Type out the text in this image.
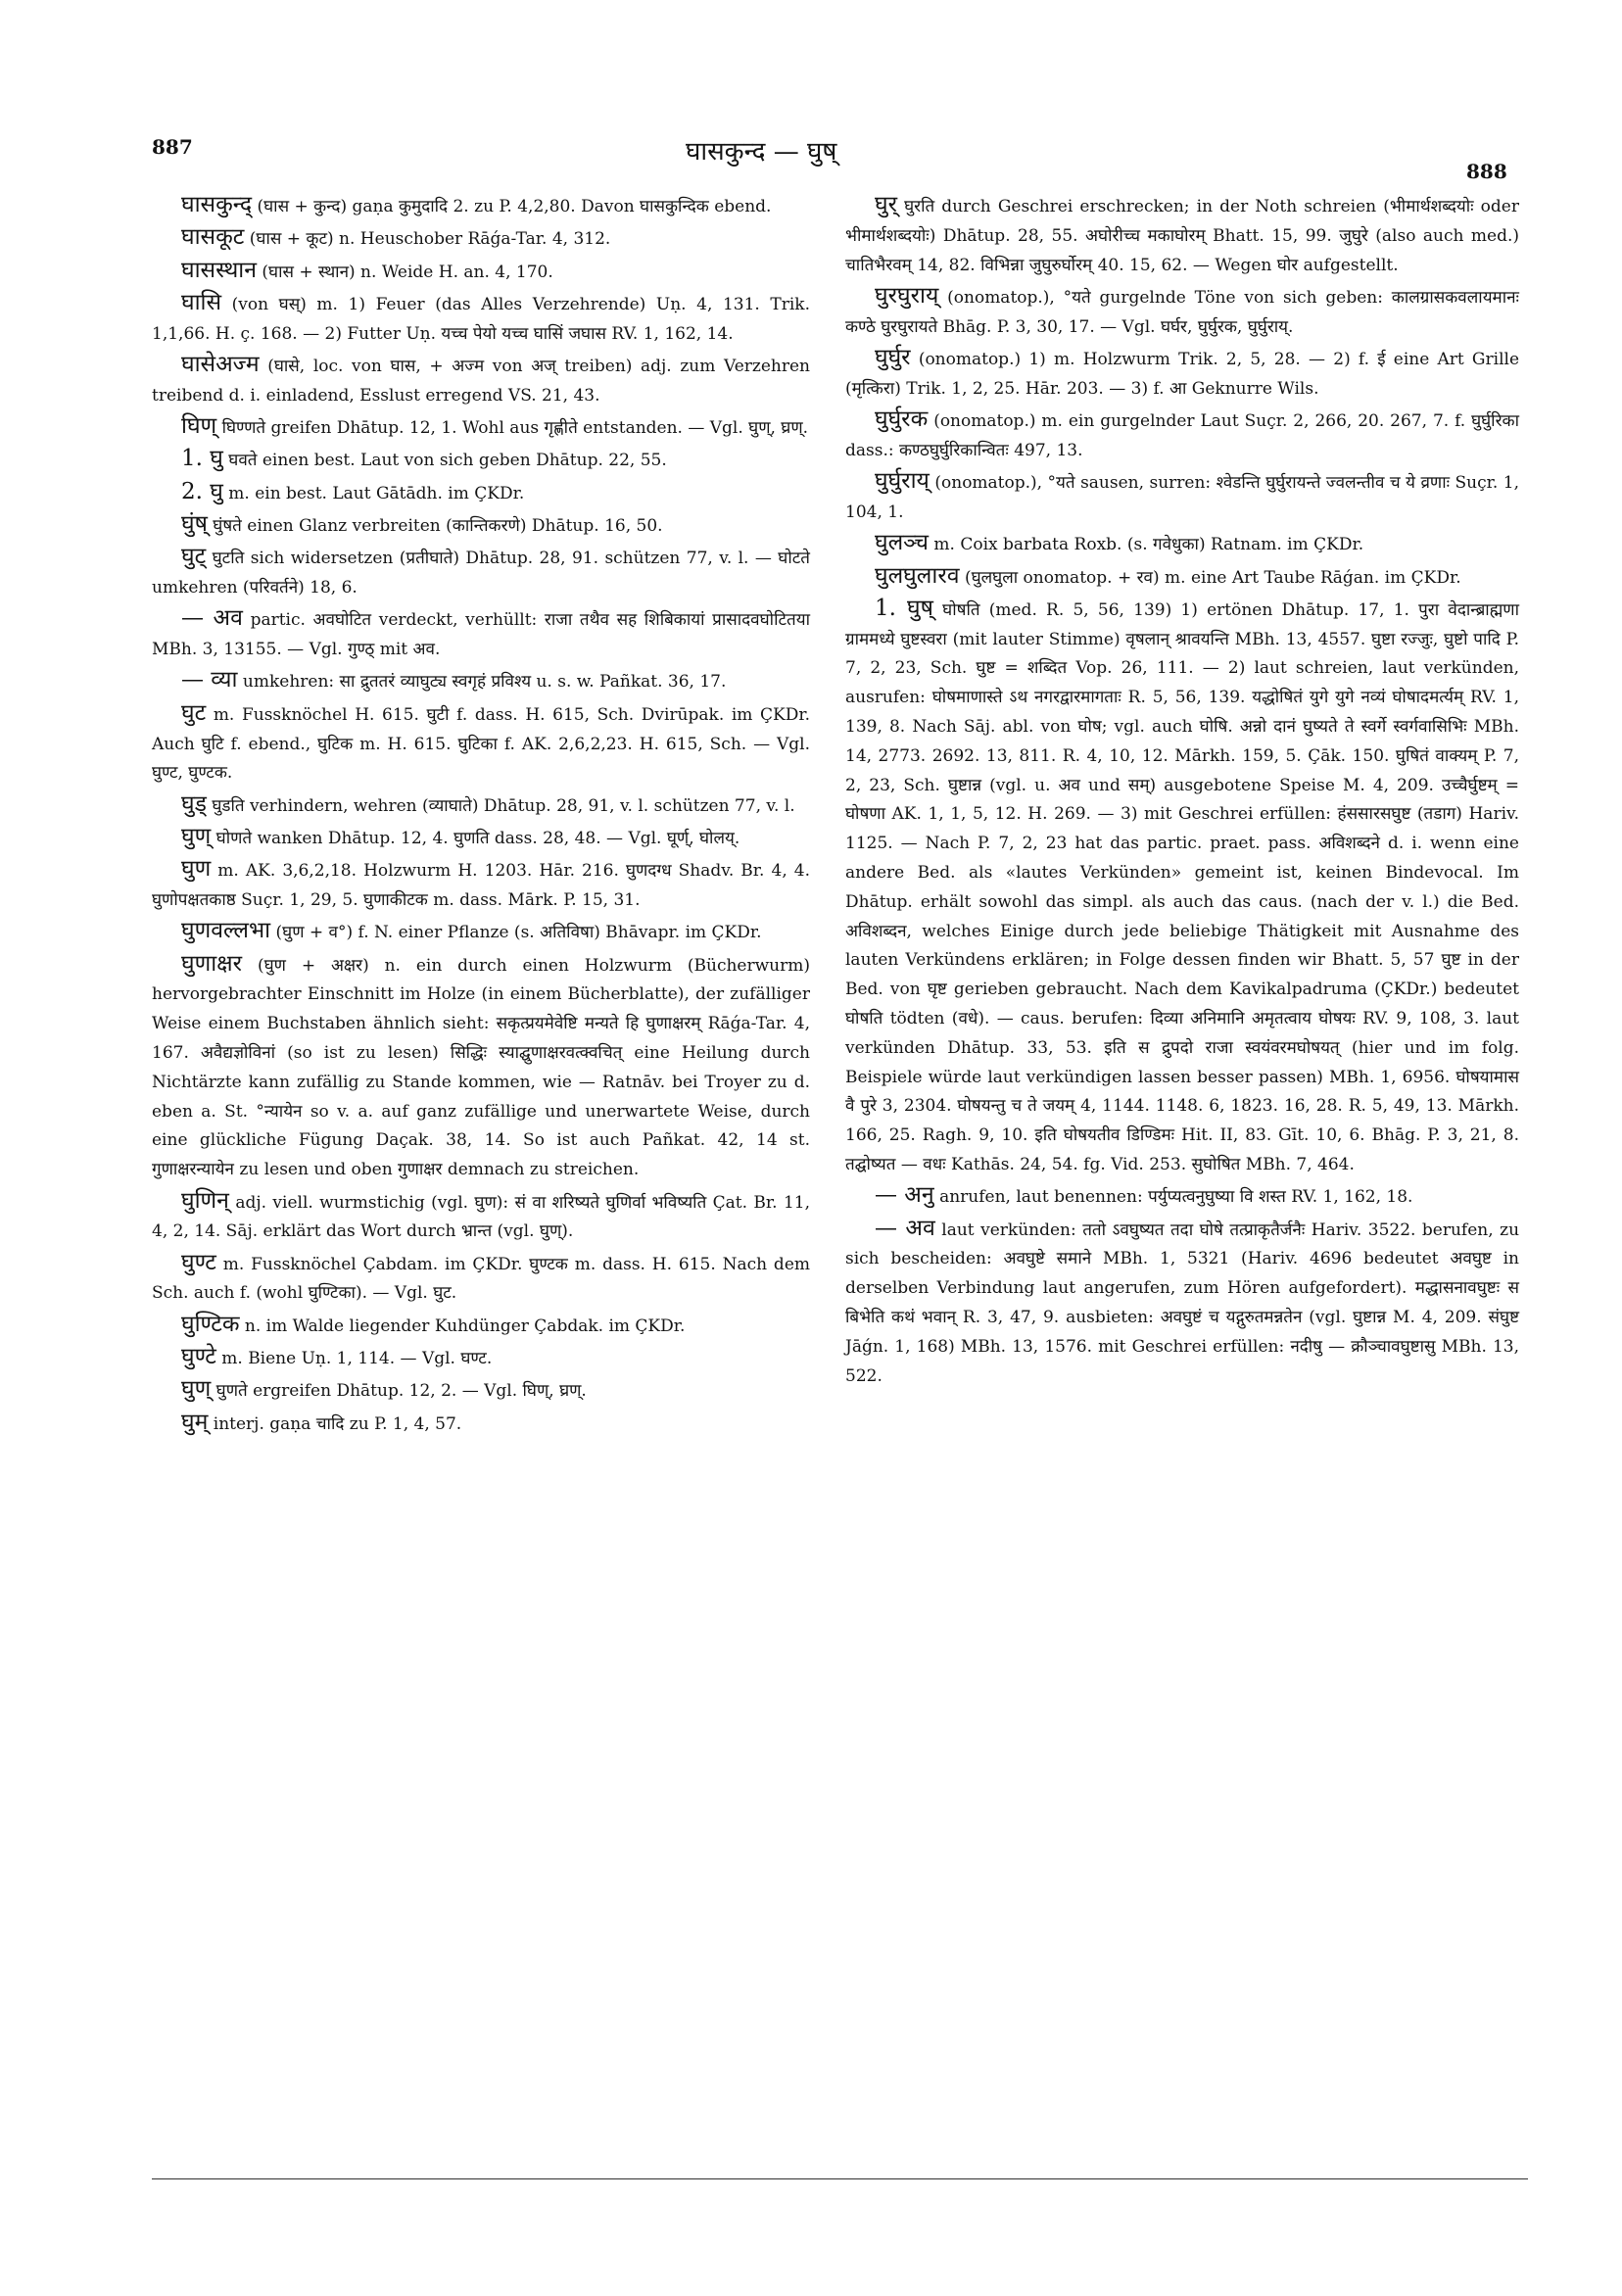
887	घासकुन्द — घुष्
888

घासकुन्द् (घास + कुन्द) gaṇa कुमुदादि 2. zu P. 4,2,80. Davon घासकुन्दिक ebend.

घासकूट (घास + कूट) n. Heuschober Rāǵa-Tar. 4, 312.

घासस्थान (घास + स्थान) n. Weide H. an. 4, 170.

घासि (von घस्) m. 1) Feuer (das Alles Verzehrende) Uṇ. 4, 131. Trik. 1,1,66. H. ç. 168. — 2) Futter Uṇ. यच्च पेयो यच्च घासिं जघास RV. 1, 162, 14.

घासेअज्म (घासे, loc. von घास, + अज्म von अज् treiben) adj. zum Verzehren treibend d. i. einladend, Esslust erregend VS. 21, 43.

घिण् घिण्णते greifen Dhātup. 12, 1. Wohl aus गृह्णीते entstanden. — Vgl. घुण्, घ्रण्.

1. घु घवते einen best. Laut von sich geben Dhātup. 22, 55.

2. घु m. ein best. Laut Gātādh. im ÇKDr.

घुंष् घुंषते einen Glanz verbreiten (कान्तिकरणे) Dhātup. 16, 50.

घुट् घुटति sich widersetzen (प्रतीघाते) Dhātup. 28, 91. schützen 77, v. l. — घोटते umkehren (परिवर्तने) 18, 6.

— अव partic. अवघोटित verdeckt, verhüllt: राजा तथैव सह शिबिकायां प्रासादवघोटितया MBh. 3, 13155. — Vgl. गुण्ठ् mit अव.

— व्या umkehren: सा द्रुततरं व्याघुट्य स्वगृहं प्रविश्य u. s. w. Pañkat. 36, 17.

घुट m. Fussknöchel H. 615. घुटी f. dass. H. 615, Sch. Dvirūpak. im ÇKDr. Auch घुटि f. ebend., घुटिक m. H. 615. घुटिका f. AK. 2,6,2,23. H. 615, Sch. — Vgl. घुण्ट, घुण्टक.

घुड् घुडति verhindern, wehren (व्याघाते) Dhātup. 28, 91, v. l. schützen 77, v. l.

घुण् घोणते wanken Dhātup. 12, 4. घुणति dass. 28, 48. — Vgl. घूर्ण्, घोलय्.

घुण m. AK. 3,6,2,18. Holzwurm H. 1203. Hār. 216. घुणदग्ध Shadv. Br. 4, 4. घुणोपक्षतकाष्ठ Suçr. 1, 29, 5. घुणाकीटक m. dass. Mārk. P. 15, 31.

घुणवल्लभा (घुण + व°) f. N. einer Pflanze (s. अतिविषा) Bhāvapr. im ÇKDr.

घुणाक्षर (घुण + अक्षर) n. ein durch einen Holzwurm (Bücherwurm) hervorgebrachter Einschnitt im Holze (in einem Bücherblatte), der zufälliger Weise einem Buchstaben ähnlich sieht: सकृत्प्रयमेवेष्टि मन्यते हि घुणाक्षरम् Rāǵa-Tar. 4, 167. अवैद्यज्ञोविनां (so ist zu lesen) सिद्धिः स्याद्घुणाक्षरवत्क्वचित् eine Heilung durch Nichtärzte kann zufällig zu Stande kommen, wie — Ratnāv. bei Troyer zu d. eben a. St. °न्यायेन so v. a. auf ganz zufällige und unerwartete Weise, durch eine glückliche Fügung Daçak. 38, 14. So ist auch Pañkat. 42, 14 st. गुणाक्षरन्यायेन zu lesen und oben गुणाक्षर demnach zu streichen.

घुणिन् adj. viell. wurmstichig (vgl. घुण): सं वा शरिष्यते घुणिर्वा भविष्यति Çat. Br. 11, 4, 2, 14. Sāj. erklärt das Wort durch भ्रान्त (vgl. घुण्).

घुण्ट m. Fussknöchel Çabdam. im ÇKDr. घुण्टक m. dass. H. 615. Nach dem Sch. auch f. (wohl घुण्टिका). — Vgl. घुट.

घुण्टिक n. im Walde liegender Kuhdünger Çabdak. im ÇKDr.

घुण्टे m. Biene Uṇ. 1, 114. — Vgl. घण्ट.

घुण् घुणते ergreifen Dhātup. 12, 2. — Vgl. घिण्, घ्रण्.

घुम् interj. gaṇa चादि zu P. 1, 4, 57.

घुर् घुरति durch Geschrei erschrecken; in der Noth schreien (भीमार्थशब्दयोः oder भीमार्थशब्दयोः) Dhātup. 28, 55. अघोरीच्च मकाघोरम् Bhatt. 15, 99. जुघुरे (also auch med.) चातिभैरवम् 14, 82. विभिन्ना जुघुरुर्घोरम् 40. 15, 62. — Wegen घोर aufgestellt.

घुरघुराय् (onomatop.), °यते gurgelnde Töne von sich geben: कालग्रासकवलायमानः कण्ठे घुरघुरायते Bhāg. P. 3, 30, 17. — Vgl. घर्घर, घुर्घुरक, घुर्घुराय्.

घुर्घुर (onomatop.) 1) m. Holzwurm Trik. 2, 5, 28. — 2) f. ई eine Art Grille (मृत्किरा) Trik. 1, 2, 25. Hār. 203. — 3) f. आ Geknurre Wils.

घुर्घुरक (onomatop.) m. ein gurgelnder Laut Suçr. 2, 266, 20. 267, 7. f. घुर्घुरिका dass.: कण्ठघुर्घुरिकान्वितः 497, 13.

घुर्घुराय् (onomatop.), °यते sausen, surren: श्वेडन्ति घुर्घुरायन्ते ज्वलन्तीव च ये व्रणाः Suçr. 1, 104, 1.

घुलञ्च m. Coix barbata Roxb. (s. गवेधुका) Ratnam. im ÇKDr.

घुलघुलारव (घुलघुला onomatop. + रव) m. eine Art Taube Rāǵan. im ÇKDr.

1. घुष् घोषति (med. R. 5, 56, 139) 1) ertönen Dhātup. 17, 1. पुरा वेदान्ब्राह्मणा ग्राममध्ये घुष्टस्वरा (mit lauter Stimme) वृषलान् श्रावयन्ति MBh. 13, 4557. घुष्टा रज्जुः, घुष्टो पादि P. 7, 2, 23, Sch. घुष्ट = शब्दित Vop. 26, 111. — 2) laut schreien, laut verkünden, ausrufen: घोषमाणास्ते ऽथ नगरद्वारमागताः R. 5, 56, 139. यद्धोषितं युगे युगे नव्यं घोषादमर्त्यम् RV. 1, 139, 8. Nach Sāj. abl. von घोष; vgl. auch घोषि. अन्नो दानं घुष्यते ते स्वर्गे स्वर्गवासिभिः MBh. 14, 2773. 2692. 13, 811. R. 4, 10, 12. Mārkh. 159, 5. Çāk. 150. घुषितं वाक्यम् P. 7, 2, 23, Sch. घुष्टान्न (vgl. u. अव und सम्) ausgebotene Speise M. 4, 209. उच्चैर्घुष्टम् = घोषणा AK. 1, 1, 5, 12. H. 269. — 3) mit Geschrei erfüllen: हंससारसघुष्ट (तडाग) Hariv. 1125. — Nach P. 7, 2, 23 hat das partic. praet. pass. अविशब्दने d. i. wenn eine andere Bed. als «lautes Verkünden» gemeint ist, keinen Bindevocal. Im Dhātup. erhält sowohl das simpl. als auch das caus. (nach der v. l.) die Bed. अविशब्दन, welches Einige durch jede beliebige Thätigkeit mit Ausnahme des lauten Verkündens erklären; in Folge dessen finden wir Bhatt. 5, 57 घुष्ट in der Bed. von घृष्ट gerieben gebraucht. Nach dem Kavikalpadruma (ÇKDr.) bedeutet घोषति tödten (वधे). — caus. berufen: दिव्या अनिमानि अमृतत्वाय घोषयः RV. 9, 108, 3. laut verkünden Dhātup. 33, 53. इति स द्रुपदो राजा स्वयंवरमघोषयत् (hier und im folg. Beispiele würde laut verkündigen lassen besser passen) MBh. 1, 6956. घोषयामास वै पुरे 3, 2304. घोषयन्तु च ते जयम् 4, 1144. 1148. 6, 1823. 16, 28. R. 5, 49, 13. Mārkh. 166, 25. Ragh. 9, 10. इति घोषयतीव डिण्डिमः Hit. II, 83. Gīt. 10, 6. Bhāg. P. 3, 21, 8. तद्घोष्यत — वधः Kathās. 24, 54. fg. Vid. 253. सुघोषित MBh. 7, 464.

— अनु anrufen, laut benennen: पर्युप्यत्वनुघुष्या वि शस्त RV. 1, 162, 18.

— अव laut verkünden: ततो ऽवघुष्यत तदा घोषे तत्प्राकृतैर्जनैः Hariv. 3522. berufen, zu sich bescheiden: अवघुष्टे समाने MBh. 1, 5321 (Hariv. 4696 bedeutet अवघुष्ट in derselben Verbindung laut angerufen, zum Hören aufgefordert). मद्धासनावघुष्टः स बिभेति कथं भवान् R. 3, 47, 9. ausbieten: अवघुष्टं च यद्गुरुतमन्नतेन (vgl. घुष्टान्न M. 4, 209. संघुष्ट Jāǵn. 1, 168) MBh. 13, 1576. mit Geschrei erfüllen: नदीषु — क्रौञ्चावघुष्टासु MBh. 13, 522.
